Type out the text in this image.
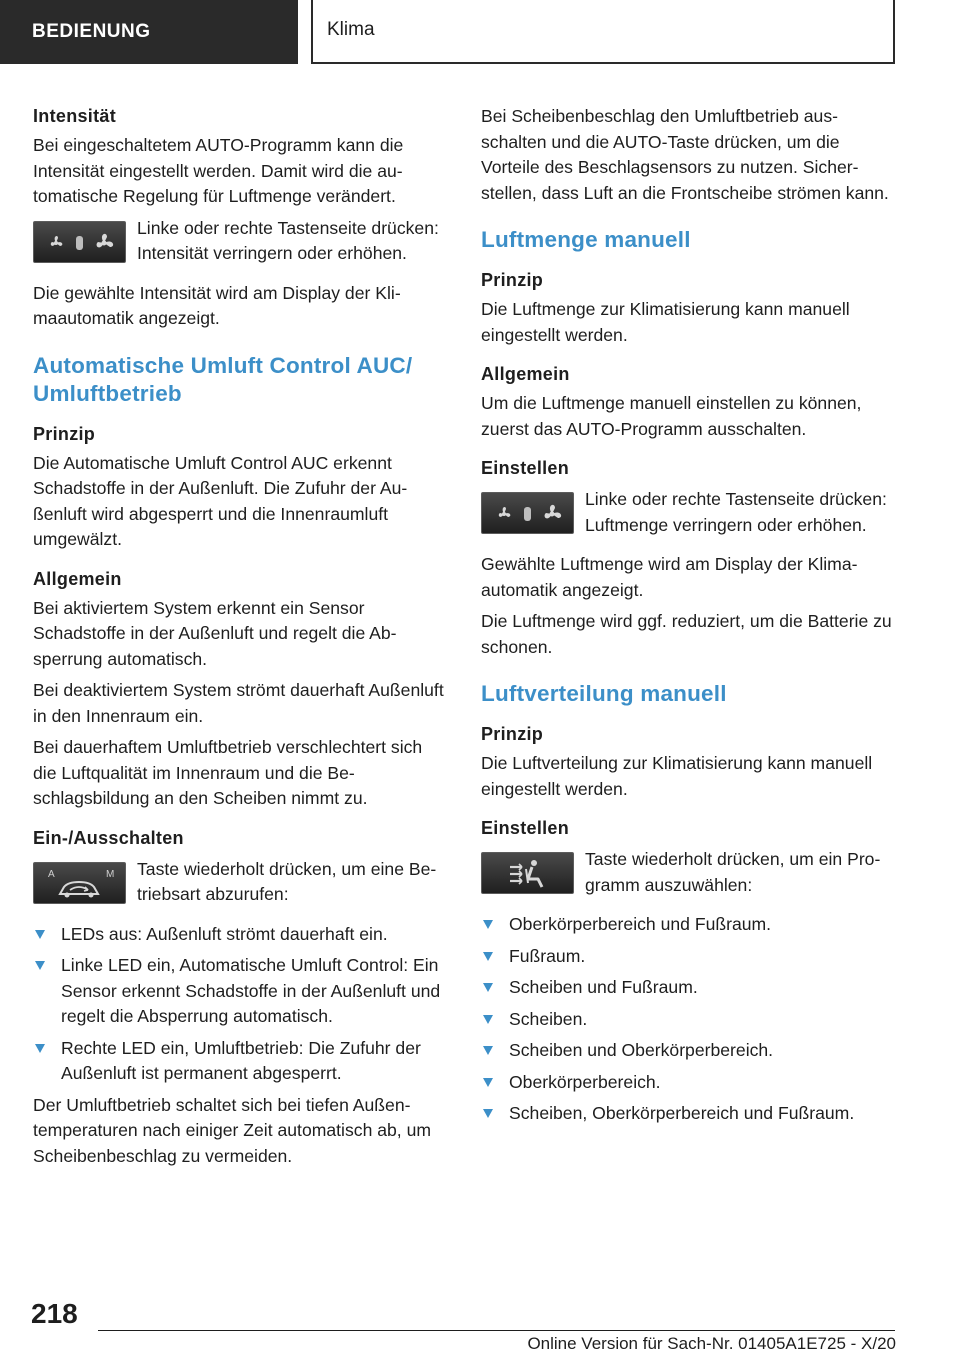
BEDIENUNG	Klima
Intensität

Bei eingeschaltetem AUTO-Programm kann die Intensität eingestellt werden. Damit wird die automatische Regelung für Luftmenge verändert.

Linke oder rechte Tastenseite drücken: Intensität verringern oder erhöhen.

Die gewählte Intensität wird am Display der Klimaautomatik angezeigt.

Automatische Umluft Control AUC/ Umluftbetrieb
Prinzip

Die Automatische Umluft Control AUC erkennt Schadstoffe in der Außenluft. Die Zufuhr der Außenluft wird abgesperrt und die Innenraumluft umgewälzt.

Allgemein

Bei aktiviertem System erkennt ein Sensor Schadstoffe in der Außenluft und regelt die Absperrung automatisch.

Bei deaktiviertem System strömt dauerhaft Außenluft in den Innenraum ein.

Bei dauerhaftem Umluftbetrieb verschlechtert sich die Luftqualität im Innenraum und die Beschlagsbildung an den Scheiben nimmt zu.

Ein-/Ausschalten
A	M Taste wiederholt drücken, um eine Betriebsart abzurufen:

LEDs aus: Außenluft strömt dauerhaft ein.
Linke LED ein, Automatische Umluft Control: Ein Sensor erkennt Schadstoffe in der Außenluft und regelt die Absperrung automatisch.
Rechte LED ein, Umluftbetrieb: Die Zufuhr der Außenluft ist permanent abgesperrt.

Der Umluftbetrieb schaltet sich bei tiefen Außentemperaturen nach einiger Zeit automatisch ab, um Scheibenbeschlag zu vermeiden.

Bei Scheibenbeschlag den Umluftbetrieb ausschalten und die AUTO-Taste drücken, um die Vorteile des Beschlagsensors zu nutzen. Sicherstellen, dass Luft an die Frontscheibe strömen kann.

Luftmenge manuell
Prinzip

Die Luftmenge zur Klimatisierung kann manuell eingestellt werden.

Allgemein

Um die Luftmenge manuell einstellen zu können, zuerst das AUTO-Programm ausschalten.

Einstellen

Linke oder rechte Tastenseite drücken: Luftmenge verringern oder erhöhen.

Gewählte Luftmenge wird am Display der Klimaautomatik angezeigt.

Die Luftmenge wird ggf. reduziert, um die Batterie zu schonen.

Luftverteilung manuell
Prinzip

Die Luftverteilung zur Klimatisierung kann manuell eingestellt werden.

Einstellen

Taste wiederholt drücken, um ein Programm auszuwählen:

Oberkörperbereich und Fußraum.
Fußraum.
Scheiben und Fußraum.
Scheiben.
Scheiben und Oberkörperbereich.
Oberkörperbereich.
Scheiben, Oberkörperbereich und Fußraum.
218
Online Version für Sach-Nr. 01405A1E725 - X/20
